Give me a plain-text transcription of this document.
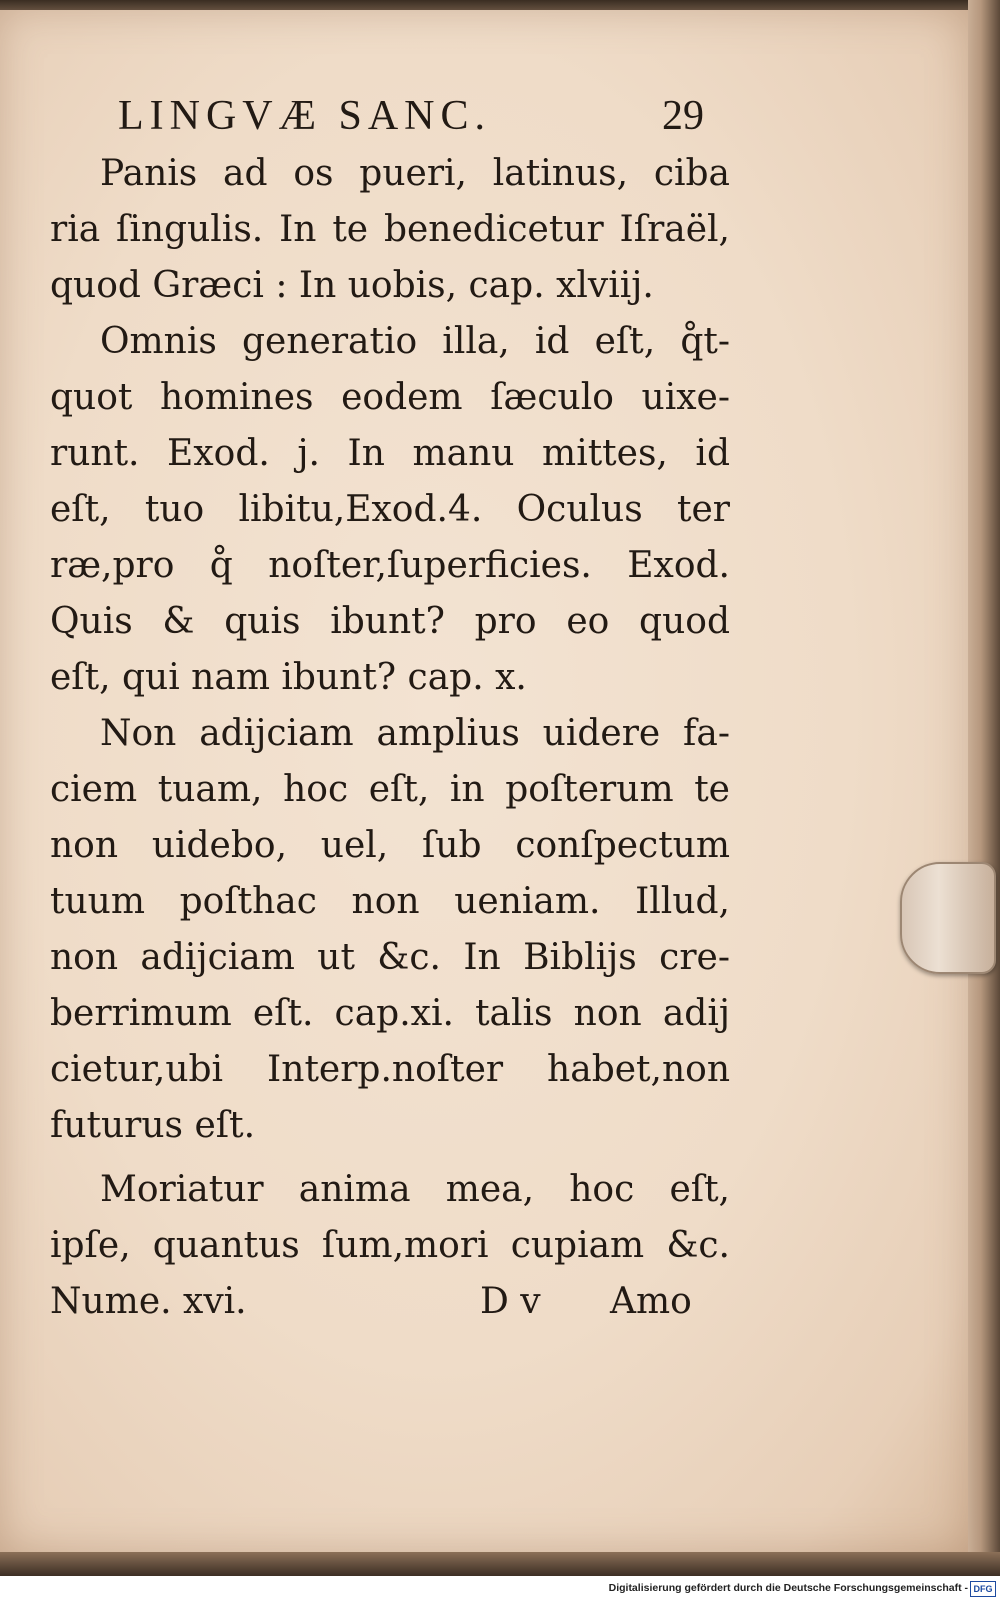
LINGVÆ SANC.	29
Panis ad os pueri, latinus, ciba
ria ſingulis. In te benedicetur Iſraël,
quod Græci : In uobis, cap. xlviij.
Omnis generatio illa, id eſt, q̊t-
quot homines eodem ſæculo uixe-
runt. Exod. j. In manu mittes, id
eſt, tuo libitu,Exod.4. Oculus ter
ræ,pro q̊ noſter,ſuperficies. Exod.
Quis & quis ibunt? pro eo quod
eſt, qui nam ibunt? cap. x.
Non adijciam amplius uidere fa-
ciem tuam, hoc eſt, in poſterum te
non uidebo, uel, ſub conſpectum
tuum poſthac non ueniam. Illud,
non adijciam ut &c. In Biblijs cre-
berrimum eſt. cap.xi. talis non adij
cietur,ubi Interp.noſter habet,non
futurus eſt.
Moriatur anima mea, hoc eſt,
ipſe, quantus ſum,mori cupiam &c.
Nume. xvi.	D v Amo
Digitalisierung gefördert durch die Deutsche Forschungsgemeinschaft - DFG
